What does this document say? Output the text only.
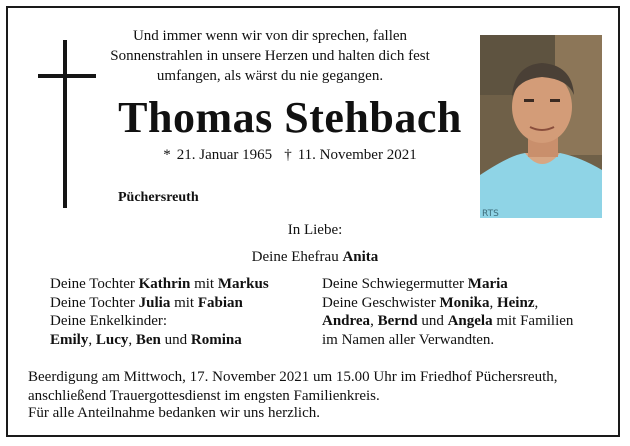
Und immer wenn wir von dir sprechen, fallen
Sonnenstrahlen in unsere Herzen und halten dich fest
umfangen, als wärst du nie gegangen.
Thomas Stehbach
* 21. Januar 1965 † 11. November 2021
Püchersreuth
RTS
In Liebe:
Deine Ehefrau Anita
Deine Tochter Kathrin mit Markus
Deine Tochter Julia mit Fabian
Deine Enkelkinder:
Emily, Lucy, Ben und Romina
Deine Schwiegermutter Maria
Deine Geschwister Monika, Heinz,
Andrea, Bernd und Angela mit Familien
im Namen aller Verwandten.
Beerdigung am Mittwoch, 17. November 2021 um 15.00 Uhr im Friedhof Püchersreuth,
anschließend Trauergottesdienst im engsten Familienkreis.
Für alle Anteilnahme bedanken wir uns herzlich.
